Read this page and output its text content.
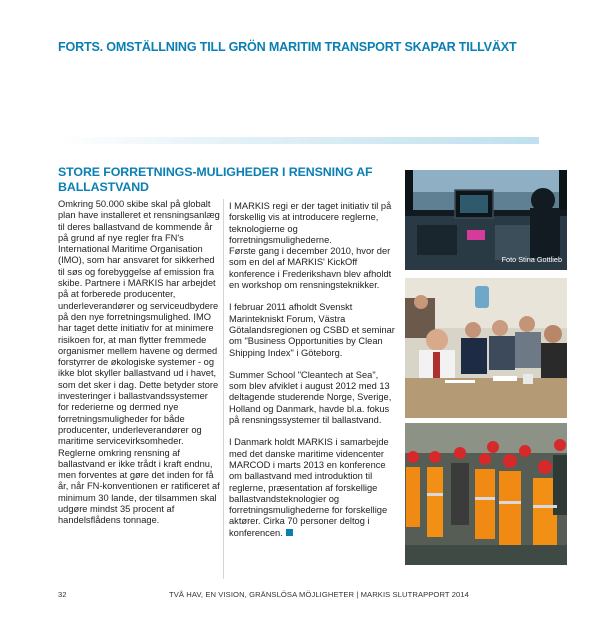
FORTS. OMSTÄLLNING TILL GRÖN MARITIM TRANSPORT SKAPAR TILLVÄXT
STORE FORRETNINGS-MULIGHEDER I RENSNING AF BALLASTVAND

Omkring 50.000 skibe skal på globalt plan have installeret et rensningsanlæg til deres ballastvand de kommende år på grund af nye regler fra FN's International Maritime Organisation (IMO), som har ansvaret for sikkerhed til søs og forebyggelse af emission fra skibe. Partnere i MARKIS har arbejdet på at forberede producenter, underleverandører og serviceudbydere på den nye forretningsmulighed. IMO har taget dette initiativ for at minimere risikoen for, at man flytter fremmede organismer mellem havene og dermed forstyrrer de økologiske systemer - og ikke blot skyller ballastvand ud i havet, som det sker i dag. Dette betyder store investeringer i ballastvandssystemer for rederierne og dermed nye forretningsmuligheder for både producenter, underleverandører og maritime servicevirksomheder. Reglerne omkring rensning af ballastvand er ikke trådt i kraft endnu, men forventes at gøre det inden for få år, når FN-konventionen er ratificeret af minimum 30 lande, der tilsammen skal udgøre mindst 35 procent af handelsflådens tonnage.

I MARKIS regi er der taget initiativ til på forskellig vis at introducere reglerne, teknologierne og forretningsmulighederne.

Første gang i december 2010, hvor der som en del af MARKIS' KickOff konference i Frederikshavn blev afholdt en workshop om rensningsteknikker.

I februar 2011 afholdt Svenskt Marintekniskt Forum, Västra Götalandsregionen og CSBD et seminar om "Business Opportunities by Clean Shipping Index" i Göteborg.

Summer School "Cleantech at Sea", som blev afviklet i august 2012 med 13 deltagende studerende Norge, Sverige, Holland og Danmark, havde bl.a. fokus på rensningssystemer til ballastvand.

I Danmark holdt MARKIS i samarbejde med det danske maritime videncenter MARCOD i marts 2013 en konference om ballastvand med introduktion til reglerne, præsentation af forskellige ballastvandsteknologier og forretningsmulighederne for forskellige aktører. Cirka 70 personer deltog i konferencen.

Foto Stina Gottlieb
32	TVÅ HAV, EN VISION, GRÄNSLÖSA MÖJLIGHETER | MARKIS SLUTRAPPORT 2014
